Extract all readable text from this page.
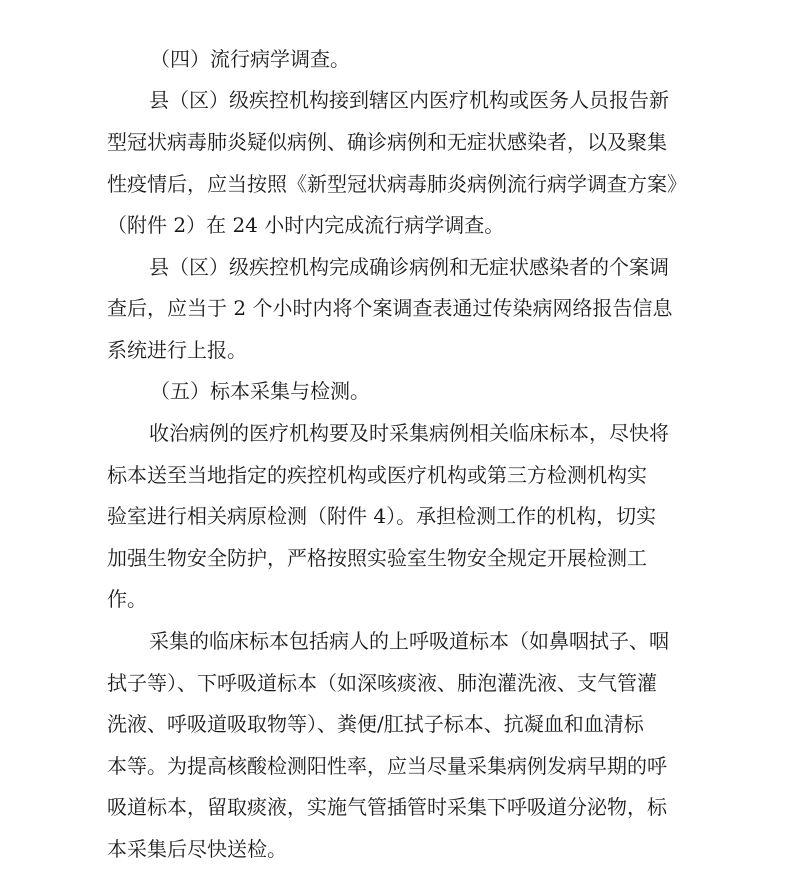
（四）流行病学调查。
县（区）级疾控机构接到辖区内医疗机构或医务人员报告新
型冠状病毒肺炎疑似病例、确诊病例和无症状感染者，以及聚集
性疫情后，应当按照《新型冠状病毒肺炎病例流行病学调查方案》
（附件 2）在 24 小时内完成流行病学调查。
县（区）级疾控机构完成确诊病例和无症状感染者的个案调
查后，应当于 2 个小时内将个案调查表通过传染病网络报告信息
系统进行上报。
（五）标本采集与检测。
收治病例的医疗机构要及时采集病例相关临床标本，尽快将
标本送至当地指定的疾控机构或医疗机构或第三方检测机构实
验室进行相关病原检测（附件 4）。承担检测工作的机构，切实
加强生物安全防护，严格按照实验室生物安全规定开展检测工
作。
采集的临床标本包括病人的上呼吸道标本（如鼻咽拭子、咽
拭子等）、下呼吸道标本（如深咳痰液、肺泡灌洗液、支气管灌
洗液、呼吸道吸取物等）、粪便/肛拭子标本、抗凝血和血清标
本等。为提高核酸检测阳性率，应当尽量采集病例发病早期的呼
吸道标本，留取痰液，实施气管插管时采集下呼吸道分泌物，标
本采集后尽快送检。
